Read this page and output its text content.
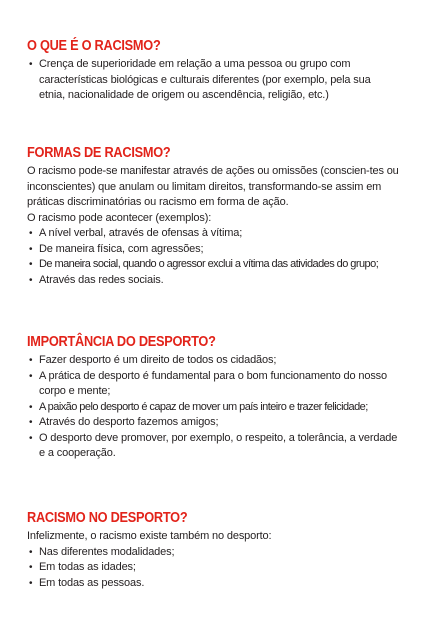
O QUE É O RACISMO?
• Crença de superioridade em relação a uma pessoa ou grupo com características biológicas e culturais diferentes (por exemplo, pela sua etnia, nacionalidade de origem ou ascendência, religião, etc.)
FORMAS DE RACISMO?

O racismo pode-se manifestar através de ações ou omissões (conscien-tes ou inconscientes) que anulam ou limitam direitos, transformando-se assim em práticas discriminatórias ou racismo em forma de ação.

O racismo pode acontecer (exemplos):

• A nível verbal, através de ofensas à vítima;
• De maneira física, com agressões;
• De maneira social, quando o agressor exclui a vítima das atividades do grupo;
• Através das redes sociais.
IMPORTÂNCIA DO DESPORTO?
• Fazer desporto é um direito de todos os cidadãos;
• A prática de desporto é fundamental para o bom funcionamento do nosso corpo e mente;
• A paixão pelo desporto é capaz de mover um país inteiro e trazer felicidade;
• Através do desporto fazemos amigos;
• O desporto deve promover, por exemplo, o respeito, a tolerância, a verdade e a cooperação.
RACISMO NO DESPORTO?

Infelizmente, o racismo existe também no desporto:

• Nas diferentes modalidades;
• Em todas as idades;
• Em todas as pessoas.
